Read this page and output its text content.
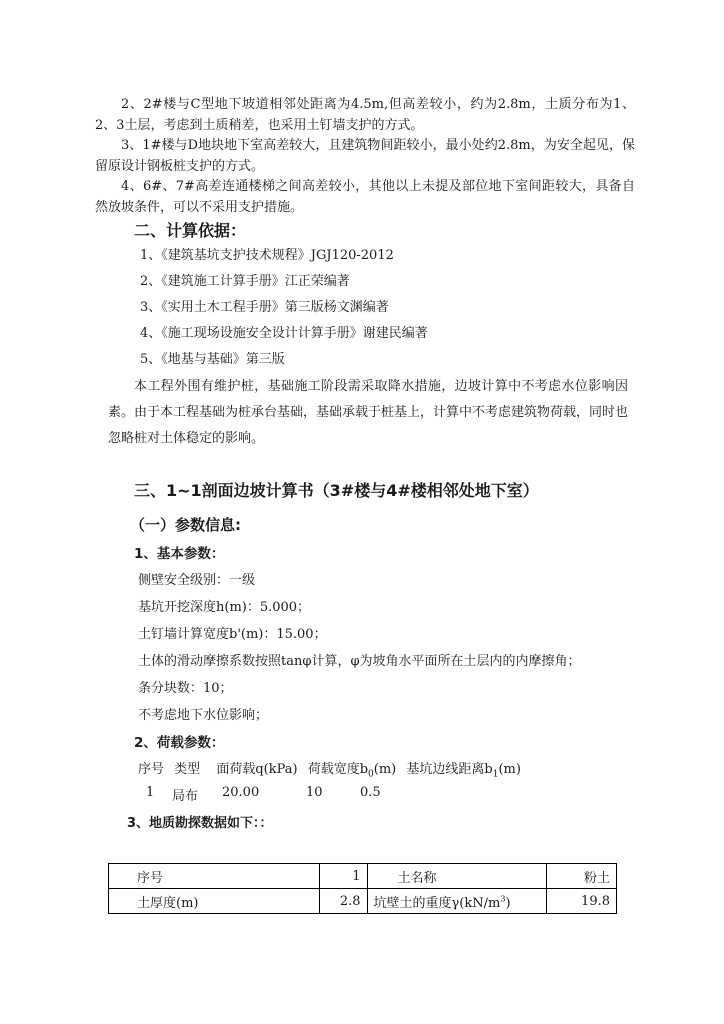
2、2#楼与C型地下坡道相邻处距离为4.5m,但高差较小，约为2.8m，土质分布为1、2、3土层，考虑到土质稍差，也采用土钉墙支护的方式。

3、1#楼与D地块地下室高差较大，且建筑物间距较小，最小处约2.8m，为安全起见，保留原设计钢板桩支护的方式。

4、6#、7#高差连通楼梯之间高差较小，其他以上未提及部位地下室间距较大，具备自然放坡条件，可以不采用支护措施。

二、计算依据：

1、《建筑基坑支护技术规程》JGJ120-2012

2、《建筑施工计算手册》江正荣编著

3、《实用土木工程手册》第三版杨文渊编著

4、《施工现场设施安全设计计算手册》谢建民编著

5、《地基与基础》第三版

本工程外围有维护桩，基础施工阶段需采取降水措施，边坡计算中不考虑水位影响因素。由于本工程基础为桩承台基础，基础承载于桩基上，计算中不考虑建筑物荷载，同时也忽略桩对土体稳定的影响。

三、1~1剖面边坡计算书（3#楼与4#楼相邻处地下室）
（一）参数信息:
1、基本参数：

侧壁安全级别：一级

基坑开挖深度h(m)：5.000；

土钉墙计算宽度b'(m)：15.00；

土体的滑动摩擦系数按照tanφ计算，φ为坡角水平面所在土层内的内摩擦角；

条分块数：10；

不考虑地下水位影响；

2、荷载参数：

序号 类型 面荷载q(kPa) 荷载宽度$b_0(m)$ 基坑边线距离$b_1(m)$

1 局布 20.00	10	0.5

3、地质勘探数据如下：：
序号	1	土名称	粉土
土厚度(m)	2.8	坑壁土的重度$\gamma(kN/m^3)$	19.8
